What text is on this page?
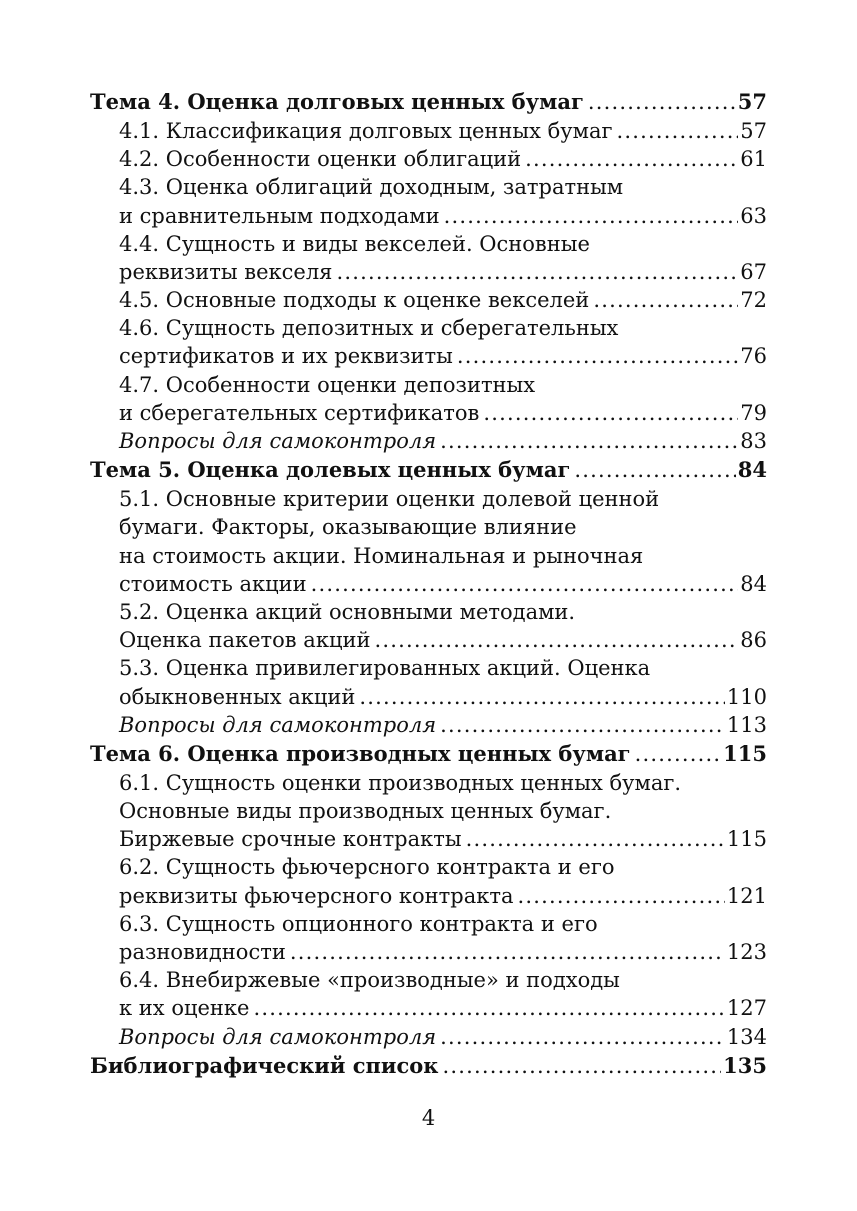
Тема 4. Оценка долговых ценных бумаг .....	57
4.1. Классификация долговых ценных бумаг .....	57
4.2. Особенности оценки облигаций .....	61
4.3. Оценка облигаций доходным, затратным
и сравнительным подходами .....	63
4.4. Сущность и виды векселей. Основные
реквизиты векселя .....	67
4.5. Основные подходы к оценке векселей .....	72
4.6. Сущность депозитных и сберегательных
сертификатов и их реквизиты .....	76
4.7. Особенности оценки депозитных
и сберегательных сертификатов .....	79
Вопросы для самоконтроля .....	83
Тема 5. Оценка долевых ценных бумаг .....	84
5.1. Основные критерии оценки долевой ценной
бумаги. Факторы, оказывающие влияние
на стоимость акции. Номинальная и рыночная
стоимость акции .....	84
5.2. Оценка акций основными методами.
Оценка пакетов акций .....	86
5.3. Оценка привилегированных акций. Оценка
обыкновенных акций .....	110
Вопросы для самоконтроля .....	113
Тема 6. Оценка производных ценных бумаг .....	115
6.1. Сущность оценки производных ценных бумаг.
Основные виды производных ценных бумаг.
Биржевые срочные контракты .....	115
6.2. Сущность фьючерсного контракта и его
реквизиты фьючерсного контракта .....	121
6.3. Сущность опционного контракта и его
разновидности .....	123
6.4. Внебиржевые «производные» и подходы
к их оценке .....	127
Вопросы для самоконтроля .....	134
Библиографический список .....	135
4
